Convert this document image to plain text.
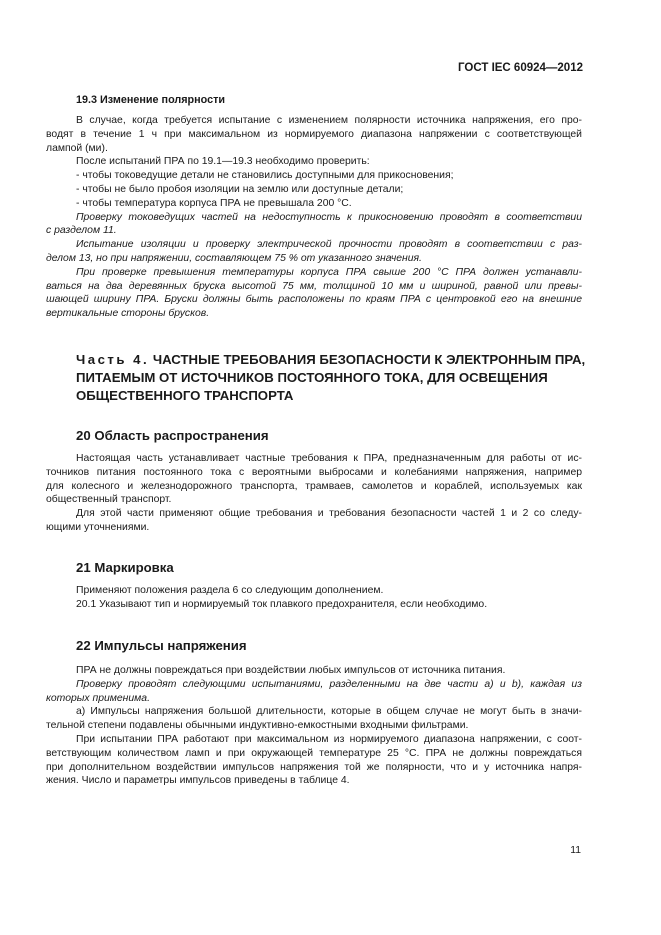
ГОСТ IEC 60924—2012
19.3 Изменение полярности

В случае, когда требуется испытание с изменением полярности источника напряжения, его про-

водят в течение 1 ч при максимальном из нормируемого диапазона напряжении с соответствующей

лампой (ми).

После испытаний ПРА по 19.1—19.3 необходимо проверить:

- чтобы токоведущие детали не становились доступными для прикосновения;

- чтобы не было пробоя изоляции на землю или доступные детали;

- чтобы температура корпуса ПРА не превышала 200 °С.

Проверку токоведущих частей на недоступность к прикосновению проводят в соответствии

с разделом 11.

Испытание изоляции и проверку электрической прочности проводят в соответствии с раз-

делом 13, но при напряжении, составляющем 75 % от указанного значения.

При проверке превышения температуры корпуса ПРА свыше 200 °С ПРА должен устанавли-

ваться на два деревянных бруска высотой 75 мм, толщиной 10 мм и шириной, равной или превы-

шающей ширину ПРА. Бруски должны быть расположены по краям ПРА с центровкой его на внешние

вертикальные стороны брусков.

Часть 4. ЧАСТНЫЕ ТРЕБОВАНИЯ БЕЗОПАСНОСТИ К ЭЛЕКТРОННЫМ ПРА,
ПИТАЕМЫМ ОТ ИСТОЧНИКОВ ПОСТОЯННОГО ТОКА, ДЛЯ ОСВЕЩЕНИЯ
ОБЩЕСТВЕННОГО ТРАНСПОРТА
20 Область распространения

Настоящая часть устанавливает частные требования к ПРА, предназначенным для работы от ис-

точников питания постоянного тока с вероятными выбросами и колебаниями напряжения, например

для колесного и железнодорожного транспорта, трамваев, самолетов и кораблей, используемых как

общественный транспорт.

Для этой части применяют общие требования и требования безопасности частей 1 и 2 со следу-

ющими уточнениями.

21 Маркировка

Применяют положения раздела 6 со следующим дополнением.

20.1 Указывают тип и нормируемый ток плавкого предохранителя, если необходимо.

22 Импульсы напряжения

ПРА не должны повреждаться при воздействии любых импульсов от источника питания.

Проверку проводят следующими испытаниями, разделенными на две части a) и b), каждая из

которых применима.

а) Импульсы напряжения большой длительности, которые в общем случае не могут быть в значи-

тельной степени подавлены обычными индуктивно-емкостными входными фильтрами.

При испытании ПРА работают при максимальном из нормируемого диапазона напряжении, с соот-

ветствующим количеством ламп и при окружающей температуре 25 °С. ПРА не должны повреждаться

при дополнительном воздействии импульсов напряжения той же полярности, что и у источника напря-

жения. Число и параметры импульсов приведены в таблице 4.

11
